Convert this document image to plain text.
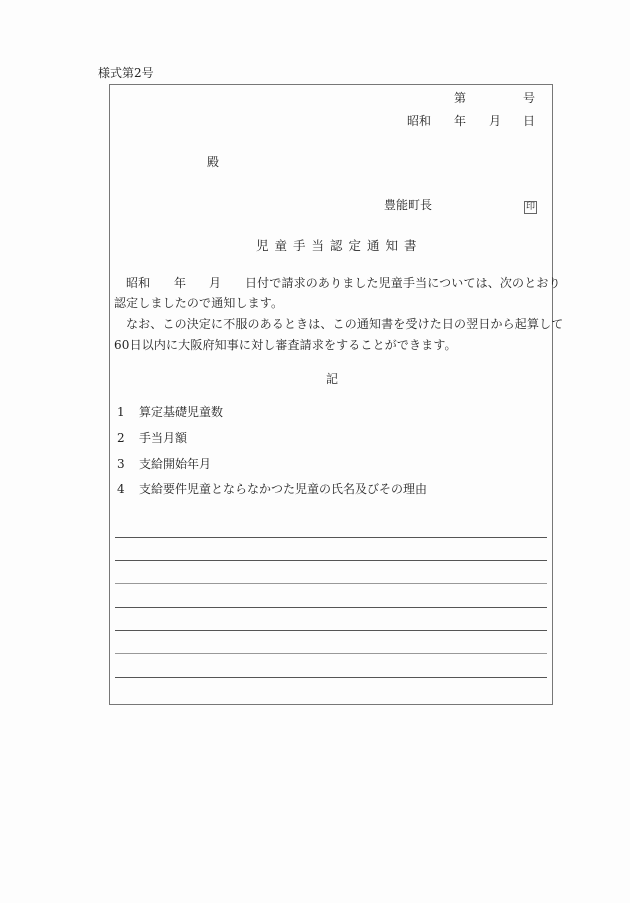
様式第2号
第	号
昭和 年 月 日
殿
豊能町長	印
児童手当認定通知書
昭和 年 月 日付で請求のありました児童手当については、次のとおり
認定しましたので通知します。
なお、この決定に不服のあるときは、この通知書を受けた日の翌日から起算して
60日以内に大阪府知事に対し審査請求をすることができます。
記
1 算定基礎児童数
2 手当月額
3 支給開始年月
4 支給要件児童とならなかつた児童の氏名及びその理由
